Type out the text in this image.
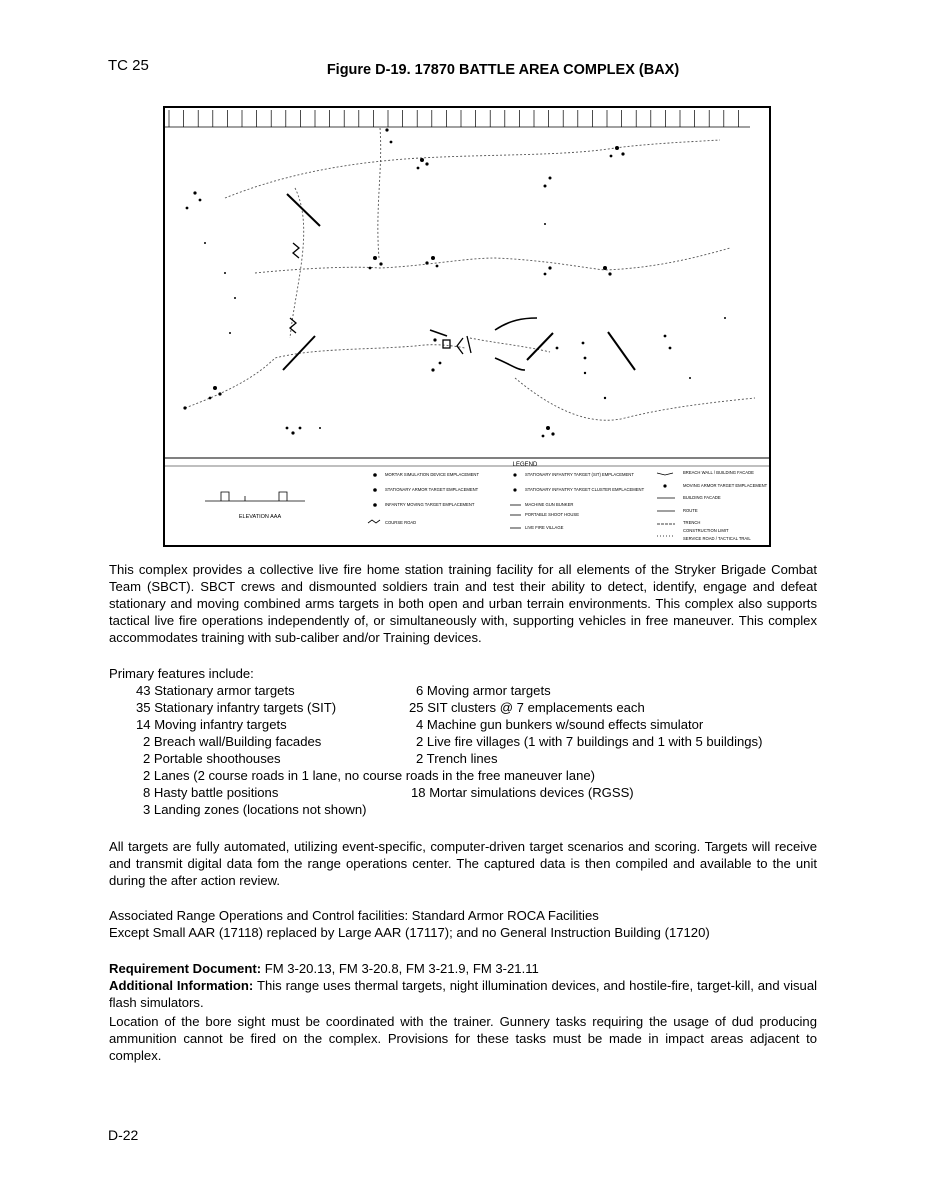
TC 25	Figure D-19. 17870 BATTLE AREA COMPLEX (BAX)
LEGEND
ELEVATION AAA
MORTAR SIMULATION DEVICE EMPLACEMENT
STATIONARY ARMOR TARGET EMPLACEMENT
INFANTRY MOVING TARGET EMPLACEMENT
COURSE ROAD
STATIONARY INFANTRY TARGET (SIT) EMPLACEMENT
STATIONARY INFANTRY TARGET CLUSTER EMPLACEMENT
MACHINE GUN BUNKER
PORTABLE SHOOT HOUSE
LIVE FIRE VILLAGE
BREACH WALL / BUILDING FACADE
MOVING ARMOR TARGET EMPLACEMENT
BUILDING FACADE
ROUTE
TRENCH
CONSTRUCTION LIMIT
SERVICE ROAD / TACTICAL TRAIL
This complex provides a collective live fire home station training facility for all elements of the Stryker Brigade Combat Team (SBCT). SBCT crews and dismounted soldiers train and test their ability to detect, identify, engage and defeat stationary and moving combined arms targets in both open and urban terrain environments. This complex also supports tactical live fire operations independently of, or simultaneously with, supporting vehicles in free maneuver. This complex accommodates training with sub-caliber and/or Training devices.
Primary features include:
43 Stationary armor targets
35 Stationary infantry targets (SIT)
14 Moving infantry targets
2 Breach wall/Building facades
2 Portable shoothouses
2 Lanes (2 course roads in 1 lane, no course roads in the free maneuver lane)
8 Hasty battle positions
3 Landing zones (locations not shown)
6 Moving armor targets
25 SIT clusters @ 7 emplacements each
4 Machine gun bunkers w/sound effects simulator
2 Live fire villages (1 with 7 buildings and 1 with 5 buildings)
2 Trench lines
18 Mortar simulations devices (RGSS)
All targets are fully automated, utilizing event-specific, computer-driven target scenarios and scoring. Targets will receive and transmit digital data fom the range operations center. The captured data is then compiled and available to the unit during the after action review.
Associated Range Operations and Control facilities: Standard Armor ROCA Facilities
Except Small AAR (17118) replaced by Large AAR (17117); and no General Instruction Building (17120)
Requirement Document: FM 3-20.13, FM 3-20.8, FM 3-21.9, FM 3-21.11
Additional Information: This range uses thermal targets, night illumination devices, and hostile-fire, target-kill, and visual flash simulators.
Location of the bore sight must be coordinated with the trainer. Gunnery tasks requiring the usage of dud producing ammunition cannot be fired on the complex. Provisions for these tasks must be made in impact areas adjacent to complex.
D-22
